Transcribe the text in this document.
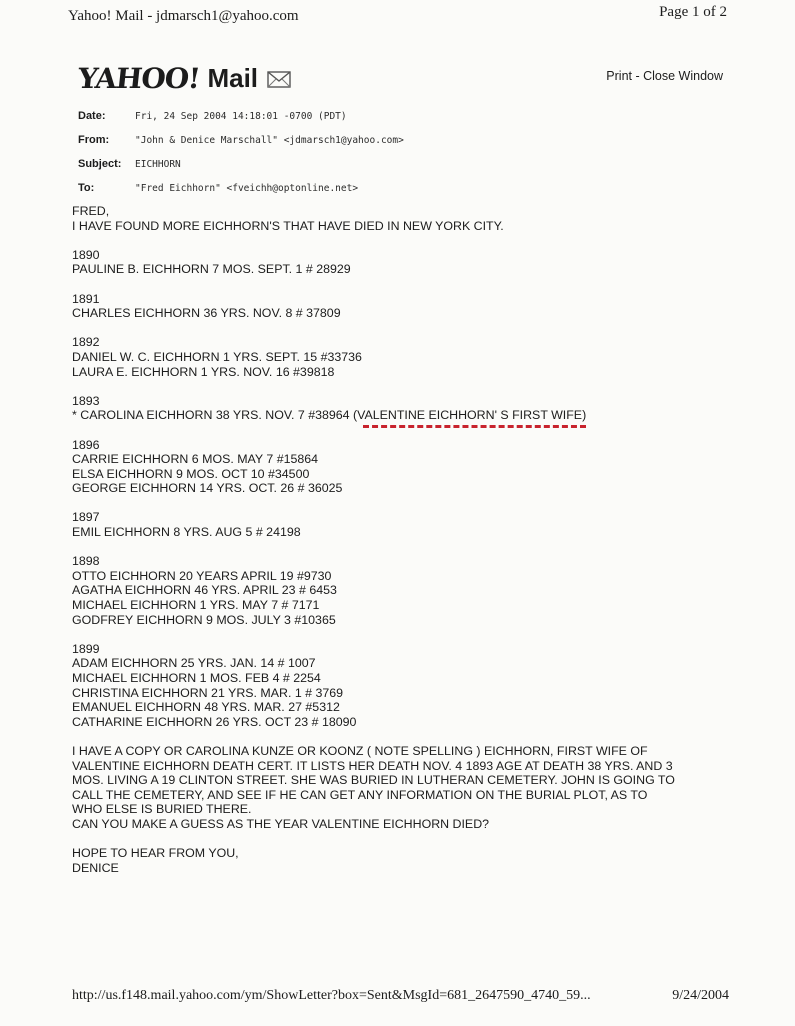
Yahoo! Mail - jdmarsch1@yahoo.com	Page 1 of 2
YAHOO! Mail	Print - Close Window
Date:	Fri, 24 Sep 2004 14:18:01 -0700 (PDT)
From:	"John & Denice Marschall" <jdmarsch1@yahoo.com>
Subject:	EICHHORN
To:	"Fred Eichhorn" <fveichh@optonline.net>

FRED,
I HAVE FOUND MORE EICHHORN'S THAT HAVE DIED IN NEW YORK CITY.

1890
PAULINE B. EICHHORN 7 MOS. SEPT. 1 # 28929

1891
CHARLES EICHHORN 36 YRS. NOV. 8 # 37809

1892
DANIEL W. C. EICHHORN 1 YRS. SEPT. 15 #33736
LAURA E. EICHHORN 1 YRS. NOV. 16 #39818

1893
* CAROLINA EICHHORN 38 YRS. NOV. 7 #38964 (VALENTINE EICHHORN' S FIRST WIFE)

1896
CARRIE EICHHORN 6 MOS. MAY 7 #15864
ELSA EICHHORN 9 MOS. OCT 10 #34500
GEORGE EICHHORN 14 YRS. OCT. 26 # 36025

1897
EMIL EICHHORN 8 YRS. AUG 5 # 24198

1898
OTTO EICHHORN 20 YEARS APRIL 19 #9730
AGATHA EICHHORN 46 YRS. APRIL 23 # 6453
MICHAEL EICHHORN 1 YRS. MAY 7 # 7171
GODFREY EICHHORN 9 MOS. JULY 3 #10365

1899
ADAM EICHHORN 25 YRS. JAN. 14 # 1007
MICHAEL EICHHORN 1 MOS. FEB 4 # 2254
CHRISTINA EICHHORN 21 YRS. MAR. 1 # 3769
EMANUEL EICHHORN 48 YRS. MAR. 27 #5312
CATHARINE EICHHORN 26 YRS. OCT 23 # 18090

I HAVE A COPY OR CAROLINA KUNZE OR KOONZ ( NOTE SPELLING ) EICHHORN, FIRST WIFE OF
VALENTINE EICHHORN DEATH CERT. IT LISTS HER DEATH NOV. 4 1893 AGE AT DEATH 38 YRS. AND 3
MOS. LIVING A 19 CLINTON STREET. SHE WAS BURIED IN LUTHERAN CEMETERY. JOHN IS GOING TO
CALL THE CEMETERY, AND SEE IF HE CAN GET ANY INFORMATION ON THE BURIAL PLOT, AS TO
WHO ELSE IS BURIED THERE.
CAN YOU MAKE A GUESS AS THE YEAR VALENTINE EICHHORN DIED?

HOPE TO HEAR FROM YOU,
DENICE

http://us.f148.mail.yahoo.com/ym/ShowLetter?box=Sent&MsgId=681_2647590_4740_59...	9/24/2004
